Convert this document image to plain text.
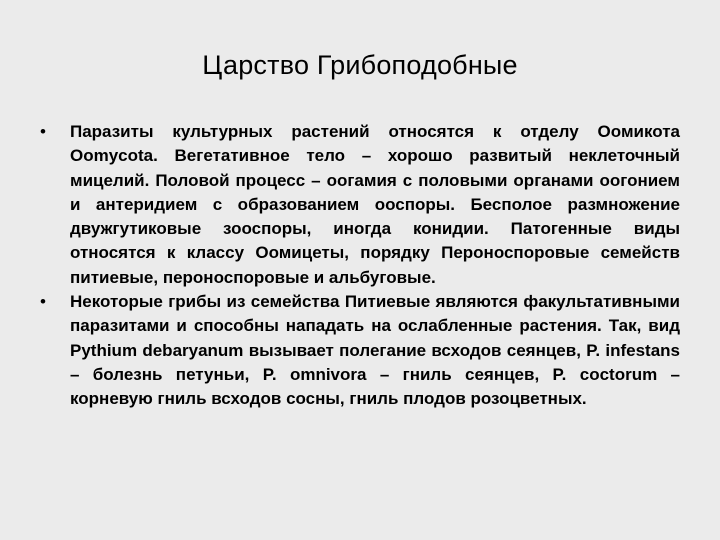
Царство Грибоподобные
•	Паразиты культурных растений относятся к отделу Оомикота Oomycota. Вегетативное тело – хорошо развитый неклеточный мицелий. Половой процесс – оогамия с половыми органами оогонием и антеридием с образованием ооспоры. Бесполое размножение двужгутиковые зооспоры, иногда конидии. Патогенные виды относятся к классу Оомицеты, порядку Пероноспоровые семейств питиевые, пероноспоровые и альбуговые.
•	Некоторые грибы из семейства Питиевые являются факультативными паразитами и способны нападать на ослабленные растения. Так, вид Pythium debaryanum вызывает полегание всходов сеянцев, P. infestans – болезнь петуньи, P. omnivora – гниль сеянцев, P. coctorum – корневую гниль всходов сосны, гниль плодов розоцветных.
